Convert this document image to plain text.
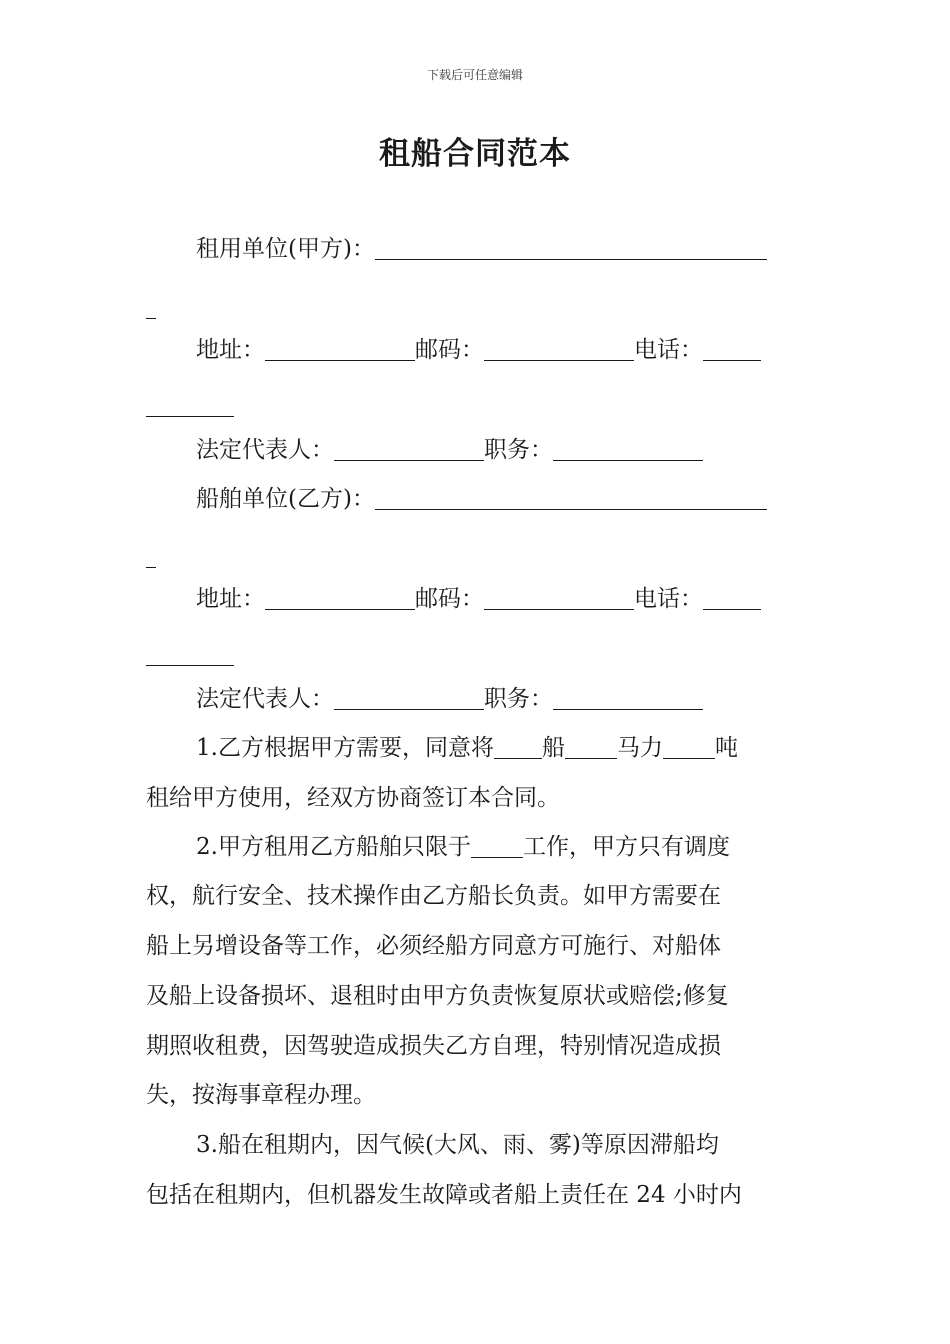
下载后可任意编辑
租船合同范本
租用单位(甲方)：
地址：	邮码：	电话：
法定代表人：	职务：
船舶单位(乙方)：
地址：	邮码：	电话：
法定代表人：	职务：
1.乙方根据甲方需要，同意将 船 马力 吨
租给甲方使用，经双方协商签订本合同。
2.甲方租用乙方船舶只限于 工作，甲方只有调度
权，航行安全、技术操作由乙方船长负责。如甲方需要在
船上另增设备等工作，必须经船方同意方可施行、对船体
及船上设备损坏、退租时由甲方负责恢复原状或赔偿;修复
期照收租费，因驾驶造成损失乙方自理，特别情况造成损
失，按海事章程办理。
3.船在租期内，因气候(大风、雨、雾)等原因滞船均
包括在租期内，但机器发生故障或者船上责任在 24 小时内
